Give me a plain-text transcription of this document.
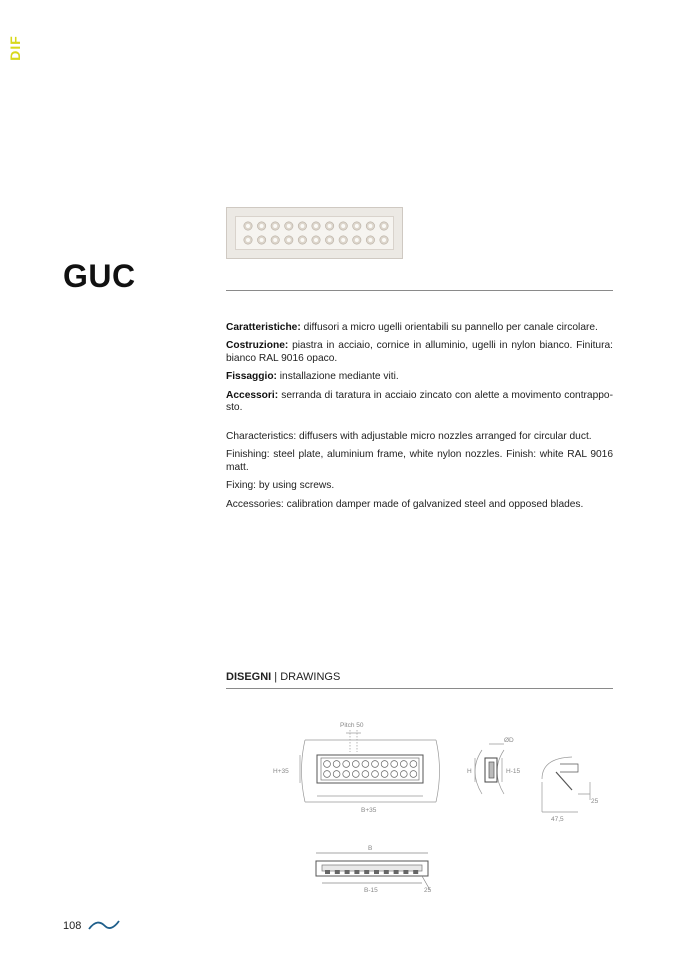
DIF
GUC

Caratteristiche: diffusori a micro ugelli orientabili su pannello per canale circolare.

Costruzione: piastra in acciaio, cornice in alluminio, ugelli in nylon bianco. Finitura: bianco RAL 9016 opaco.

Fissaggio: installazione mediante viti.

Accessori: serranda di taratura in acciaio zincato con alette a movimento contrappo-sto.

Characteristics: diffusers with adjustable micro nozzles arranged for circular duct.

Finishing: steel plate, aluminium frame, white nylon nozzles. Finish: white RAL 9016 matt.

Fixing: by using screws.

Accessories: calibration damper made of galvanized steel and opposed blades.

DISEGNI | DRAWINGS
Pitch 50
H+35
B+35
ØD
H	H-15
25
47,5
B
B-15	25
108
